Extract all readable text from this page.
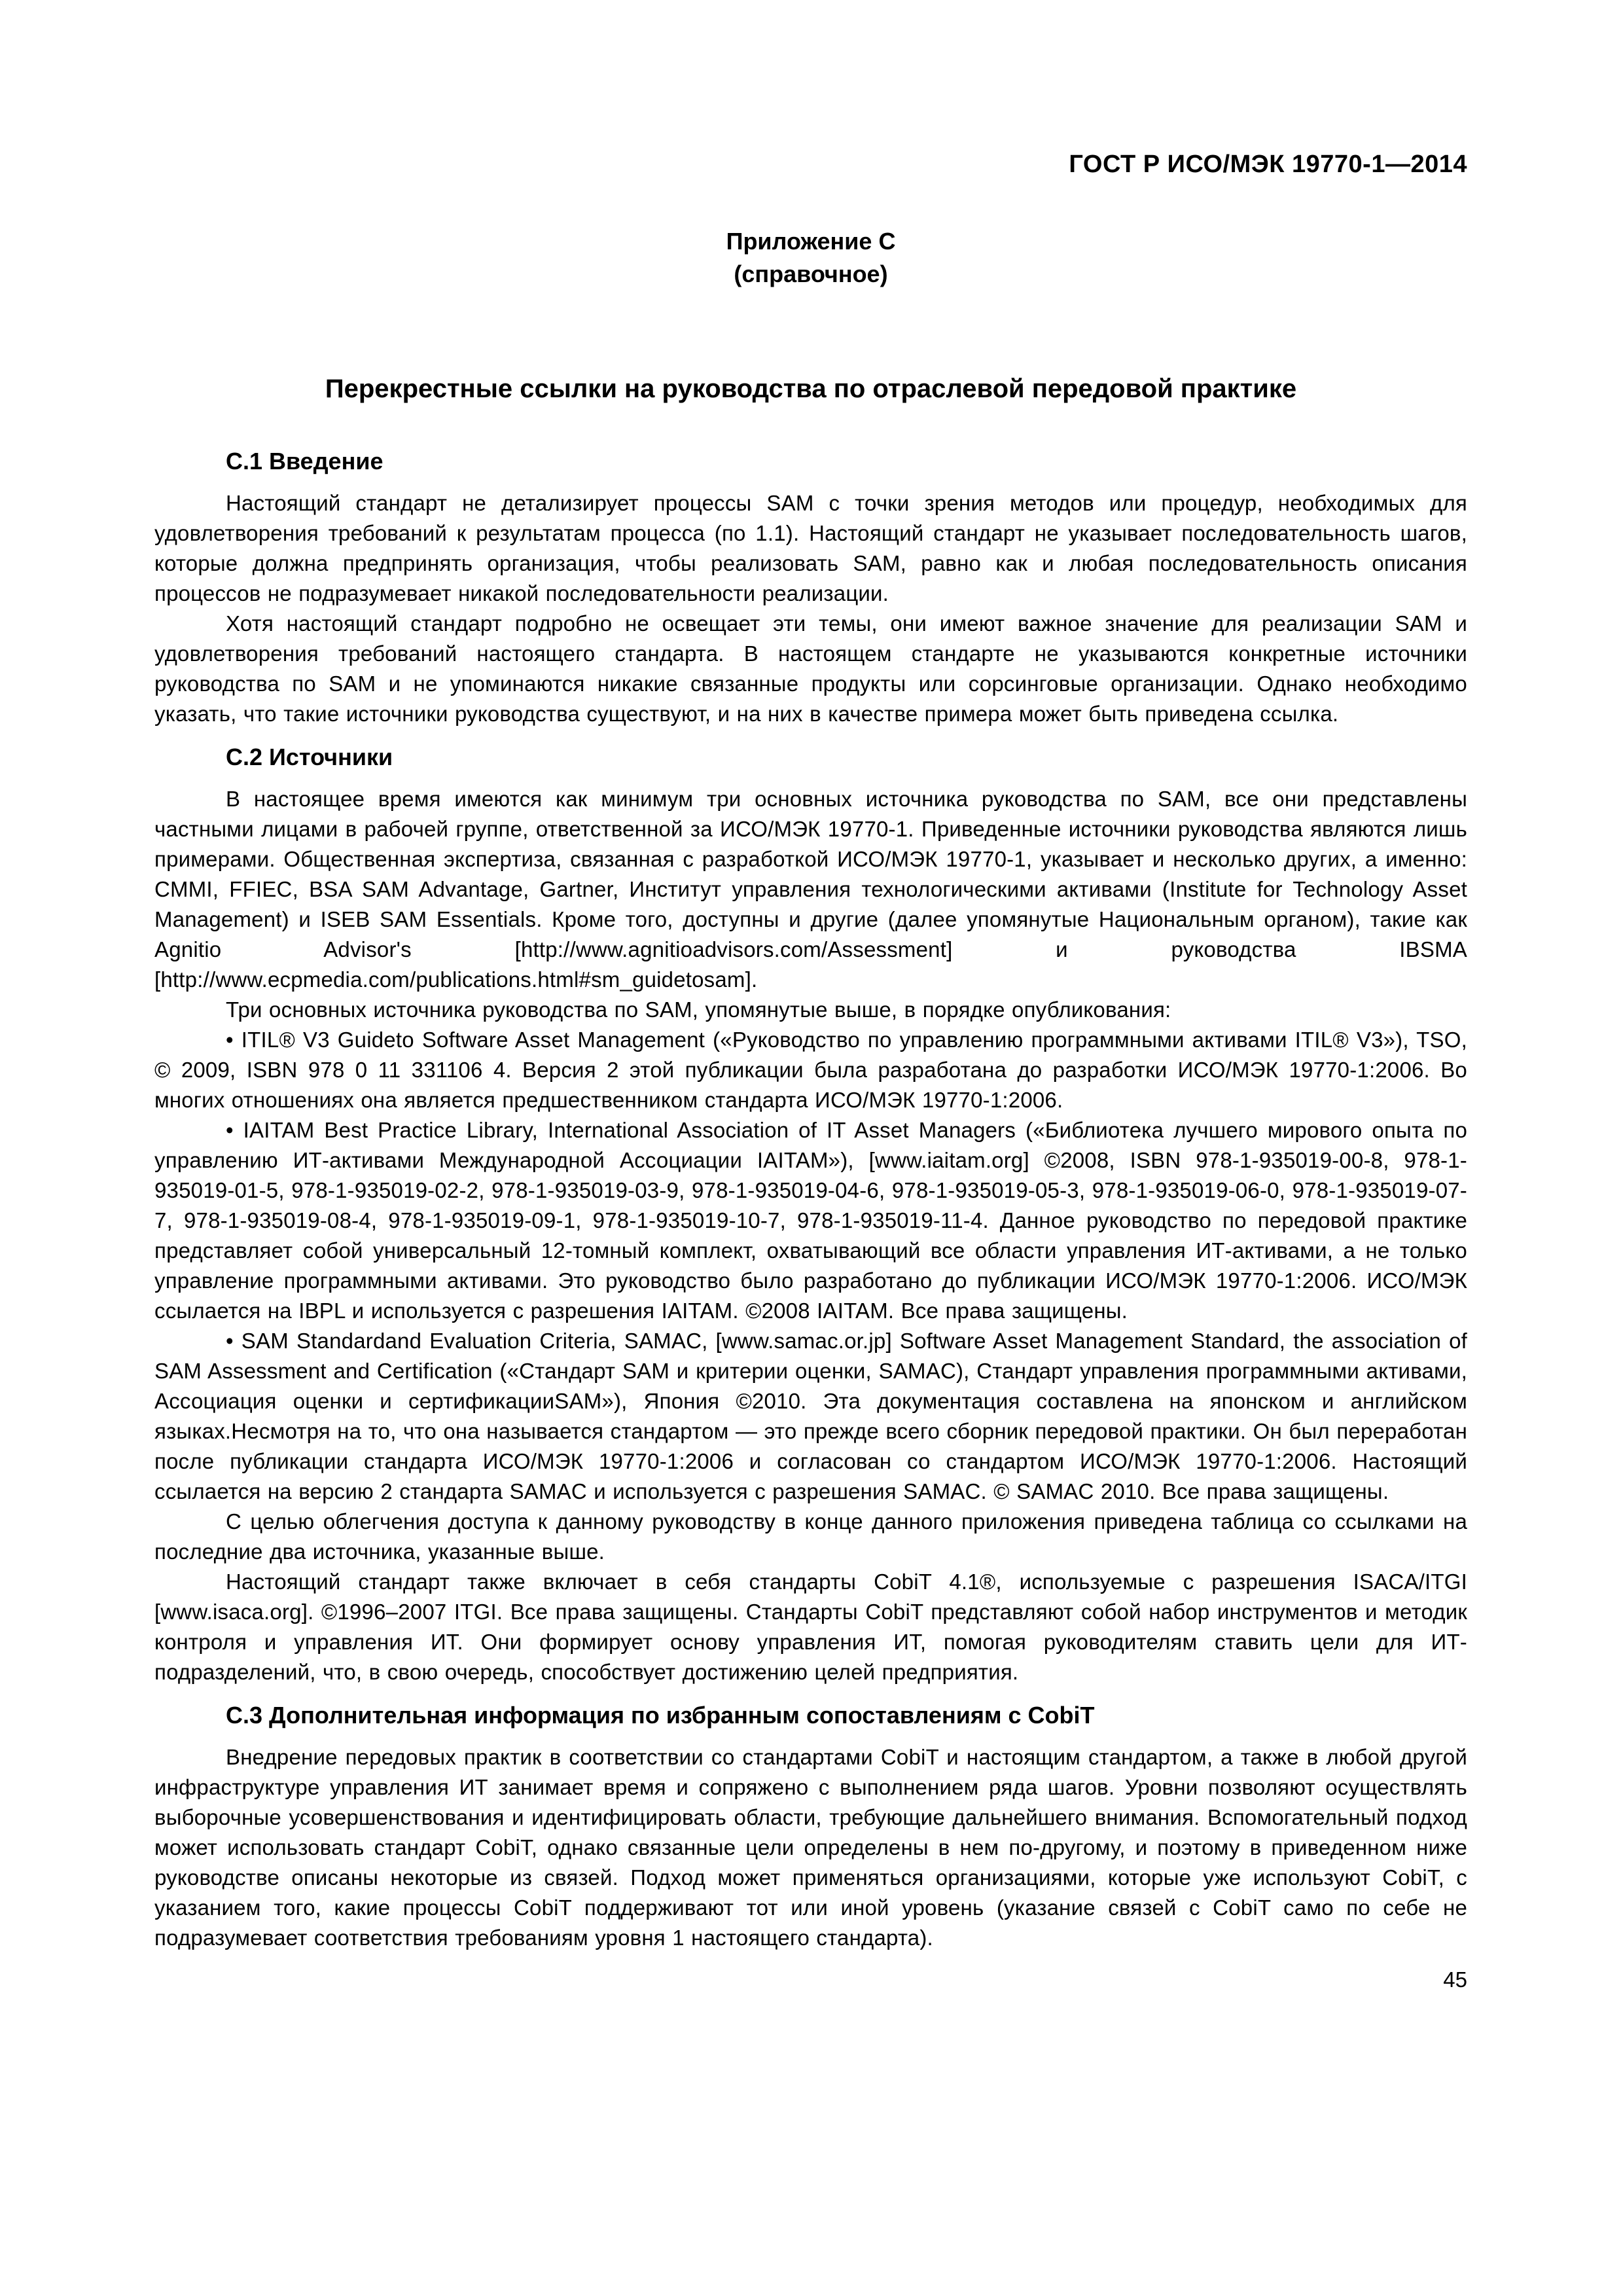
ГОСТ Р ИСО/МЭК 19770-1—2014
Приложение С
(справочное)
Перекрестные ссылки на руководства по отраслевой передовой практике
С.1 Введение

Настоящий стандарт не детализирует процессы SAM с точки зрения методов или процедур, необходимых для удовлетворения требований к результатам процесса (по 1.1). Настоящий стандарт не указывает последовательность шагов, которые должна предпринять организация, чтобы реализовать SAM, равно как и любая последовательность описания процессов не подразумевает никакой последовательности реализации.

Хотя настоящий стандарт подробно не освещает эти темы, они имеют важное значение для реализации SAM и удовлетворения требований настоящего стандарта. В настоящем стандарте не указываются конкретные источники руководства по SAM и не упоминаются никакие связанные продукты или сорсинговые организации. Однако необходимо указать, что такие источники руководства существуют, и на них в качестве примера может быть приведена ссылка.

С.2 Источники

В настоящее время имеются как минимум три основных источника руководства по SAM, все они представлены частными лицами в рабочей группе, ответственной за ИСО/МЭК 19770-1. Приведенные источники руководства являются лишь примерами. Общественная экспертиза, связанная с разработкой ИСО/МЭК 19770-1, указывает и несколько других, а именно: CMMI, FFIEC, BSA SAM Advantage, Gartner, Институт управления технологическими активами (Institute for Technology Asset Management) и ISEB SAM Essentials. Кроме того, доступны и другие (далее упомянутые Национальным органом), такие как Agnitio Advisor's [http://www.agnitioadvisors.com/Assessment] и руководства IBSMA [http://www.ecpmedia.com/publications.html#sm_guidetosam].

Три основных источника руководства по SAM, упомянутые выше, в порядке опубликования:

• ITIL® V3 Guideto Software Asset Management («Руководство по управлению программными активами ITIL® V3»), TSO, © 2009, ISBN 978 0 11 331106 4. Версия 2 этой публикации была разработана до разработки ИСО/МЭК 19770-1:2006. Во многих отношениях она является предшественником стандарта ИСО/МЭК 19770-1:2006.

• IAITAM Best Practice Library, International Association of IT Asset Managers («Библиотека лучшего мирового опыта по управлению ИТ-активами Международной Ассоциации IAITAM»), [www.iaitam.org] ©2008, ISBN 978-1-935019-00-8, 978-1-935019-01-5, 978-1-935019-02-2, 978-1-935019-03-9, 978-1-935019-04-6, 978-1-935019-05-3, 978-1-935019-06-0, 978-1-935019-07-7, 978-1-935019-08-4, 978-1-935019-09-1, 978-1-935019-10-7, 978-1-935019-11-4. Данное руководство по передовой практике представляет собой универсальный 12-томный комплект, охватывающий все области управления ИТ-активами, а не только управление программными активами. Это руководство было разработано до публикации ИСО/МЭК 19770-1:2006. ИСО/МЭК ссылается на IBPL и используется с разрешения IAITAM. ©2008 IAITAM. Все права защищены.

• SAM Standardand Evaluation Criteria, SAMAC, [www.samac.or.jp] Software Asset Management Standard, the association of SAM Assessment and Certification («Стандарт SAM и критерии оценки, SAMAC), Стандарт управления программными активами, Ассоциация оценки и сертификацииSAM»), Япония ©2010. Эта документация составлена на японском и английском языках.Несмотря на то, что она называется стандартом — это прежде всего сборник передовой практики. Он был переработан после публикации стандарта ИСО/МЭК 19770-1:2006 и согласован со стандартом ИСО/МЭК 19770-1:2006. Настоящий ссылается на версию 2 стандарта SAMAC и используется с разрешения SAMAC. © SAMAC 2010. Все права защищены.

С целью облегчения доступа к данному руководству в конце данного приложения приведена таблица со ссылками на последние два источника, указанные выше.

Настоящий стандарт также включает в себя стандарты CobiT 4.1®, используемые с разрешения ISACA/ITGI [www.isaca.org]. ©1996–2007 ITGI. Все права защищены. Стандарты CobiT представляют собой набор инструментов и методик контроля и управления ИТ. Они формирует основу управления ИТ, помогая руководителям ставить цели для ИТ-подразделений, что, в свою очередь, способствует достижению целей предприятия.

С.3 Дополнительная информация по избранным сопоставлениям с CobiT

Внедрение передовых практик в соответствии со стандартами CobiT и настоящим стандартом, а также в любой другой инфраструктуре управления ИТ занимает время и сопряжено с выполнением ряда шагов. Уровни позволяют осуществлять выборочные усовершенствования и идентифицировать области, требующие дальнейшего внимания. Вспомогательный подход может использовать стандарт CobiT, однако связанные цели определены в нем по-другому, и поэтому в приведенном ниже руководстве описаны некоторые из связей. Подход может применяться организациями, которые уже используют CobiT, с указанием того, какие процессы CobiT поддерживают тот или иной уровень (указание связей с CobiT само по себе не подразумевает соответствия требованиям уровня 1 настоящего стандарта).

45
